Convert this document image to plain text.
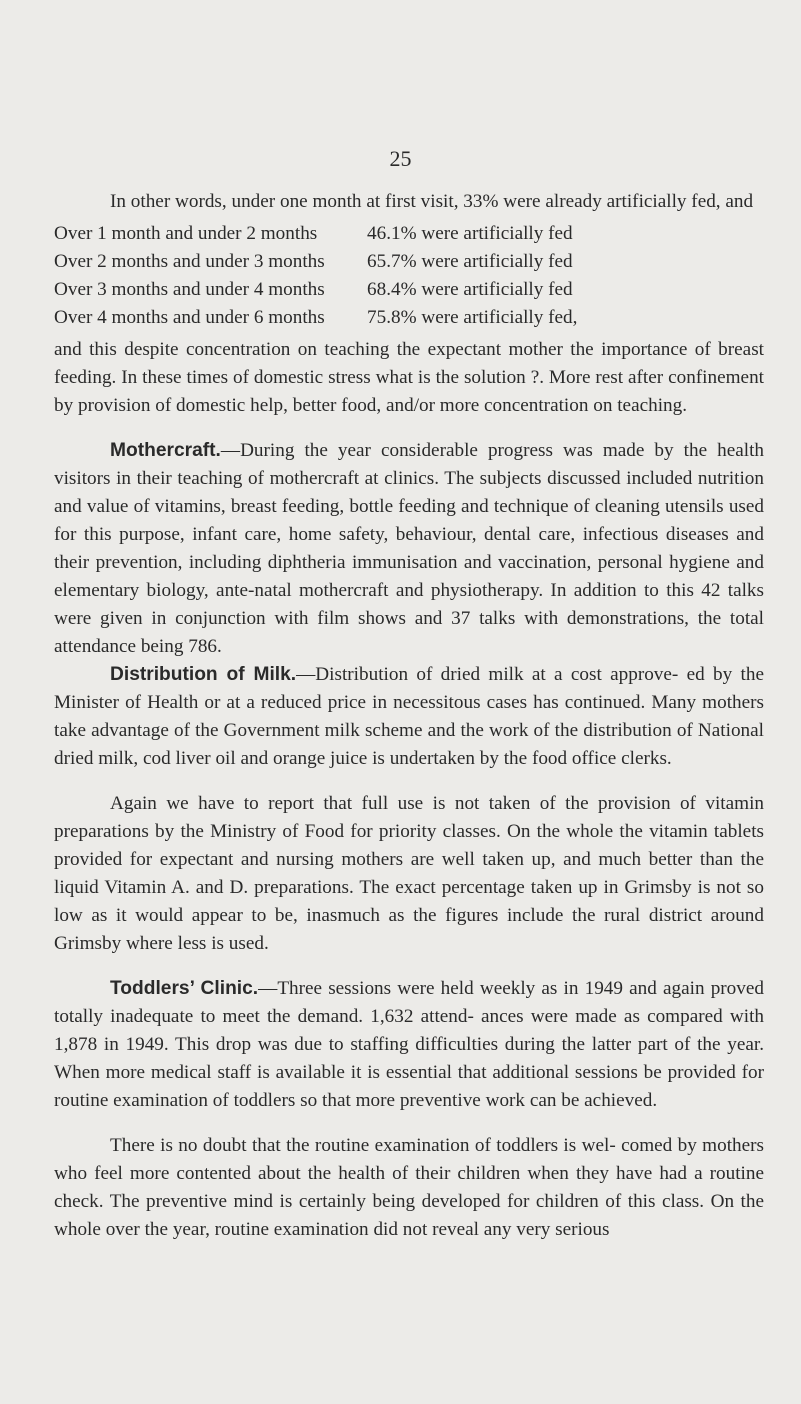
25

In other words, under one month at first visit, 33% were already artificially fed, and

Over 1 month and under 2 months	46.1% were artificially fed
Over 2 months and under 3 months	65.7% were artificially fed
Over 3 months and under 4 months	68.4% were artificially fed
Over 4 months and under 6 months	75.8% were artificially fed,

and this despite concentration on teaching the expectant mother the importance of breast feeding. In these times of domestic stress what is the solution ?. More rest after confinement by provision of domestic help, better food, and/or more concentration on teaching.

Mothercraft.—During the year considerable progress was made by the health visitors in their teaching of mothercraft at clinics. The subjects discussed included nutrition and value of vitamins, breast feeding, bottle feeding and technique of cleaning utensils used for this purpose, infant care, home safety, behaviour, dental care, infectious diseases and their prevention, including diphtheria immunisation and vaccination, personal hygiene and elementary biology, ante-natal mothercraft and physiotherapy. In addition to this 42 talks were given in conjunction with film shows and 37 talks with demonstrations, the total attendance being 786.

Distribution of Milk.—Distribution of dried milk at a cost approve- ed by the Minister of Health or at a reduced price in necessitous cases has continued. Many mothers take advantage of the Government milk scheme and the work of the distribution of National dried milk, cod liver oil and orange juice is undertaken by the food office clerks.

Again we have to report that full use is not taken of the provision of vitamin preparations by the Ministry of Food for priority classes. On the whole the vitamin tablets provided for expectant and nursing mothers are well taken up, and much better than the liquid Vitamin A. and D. preparations. The exact percentage taken up in Grimsby is not so low as it would appear to be, inasmuch as the figures include the rural district around Grimsby where less is used.

Toddlers’ Clinic.—Three sessions were held weekly as in 1949 and again proved totally inadequate to meet the demand. 1,632 attend- ances were made as compared with 1,878 in 1949. This drop was due to staffing difficulties during the latter part of the year. When more medical staff is available it is essential that additional sessions be provided for routine examination of toddlers so that more preventive work can be achieved.

There is no doubt that the routine examination of toddlers is wel- comed by mothers who feel more contented about the health of their children when they have had a routine check. The preventive mind is certainly being developed for children of this class. On the whole over the year, routine examination did not reveal any very serious
